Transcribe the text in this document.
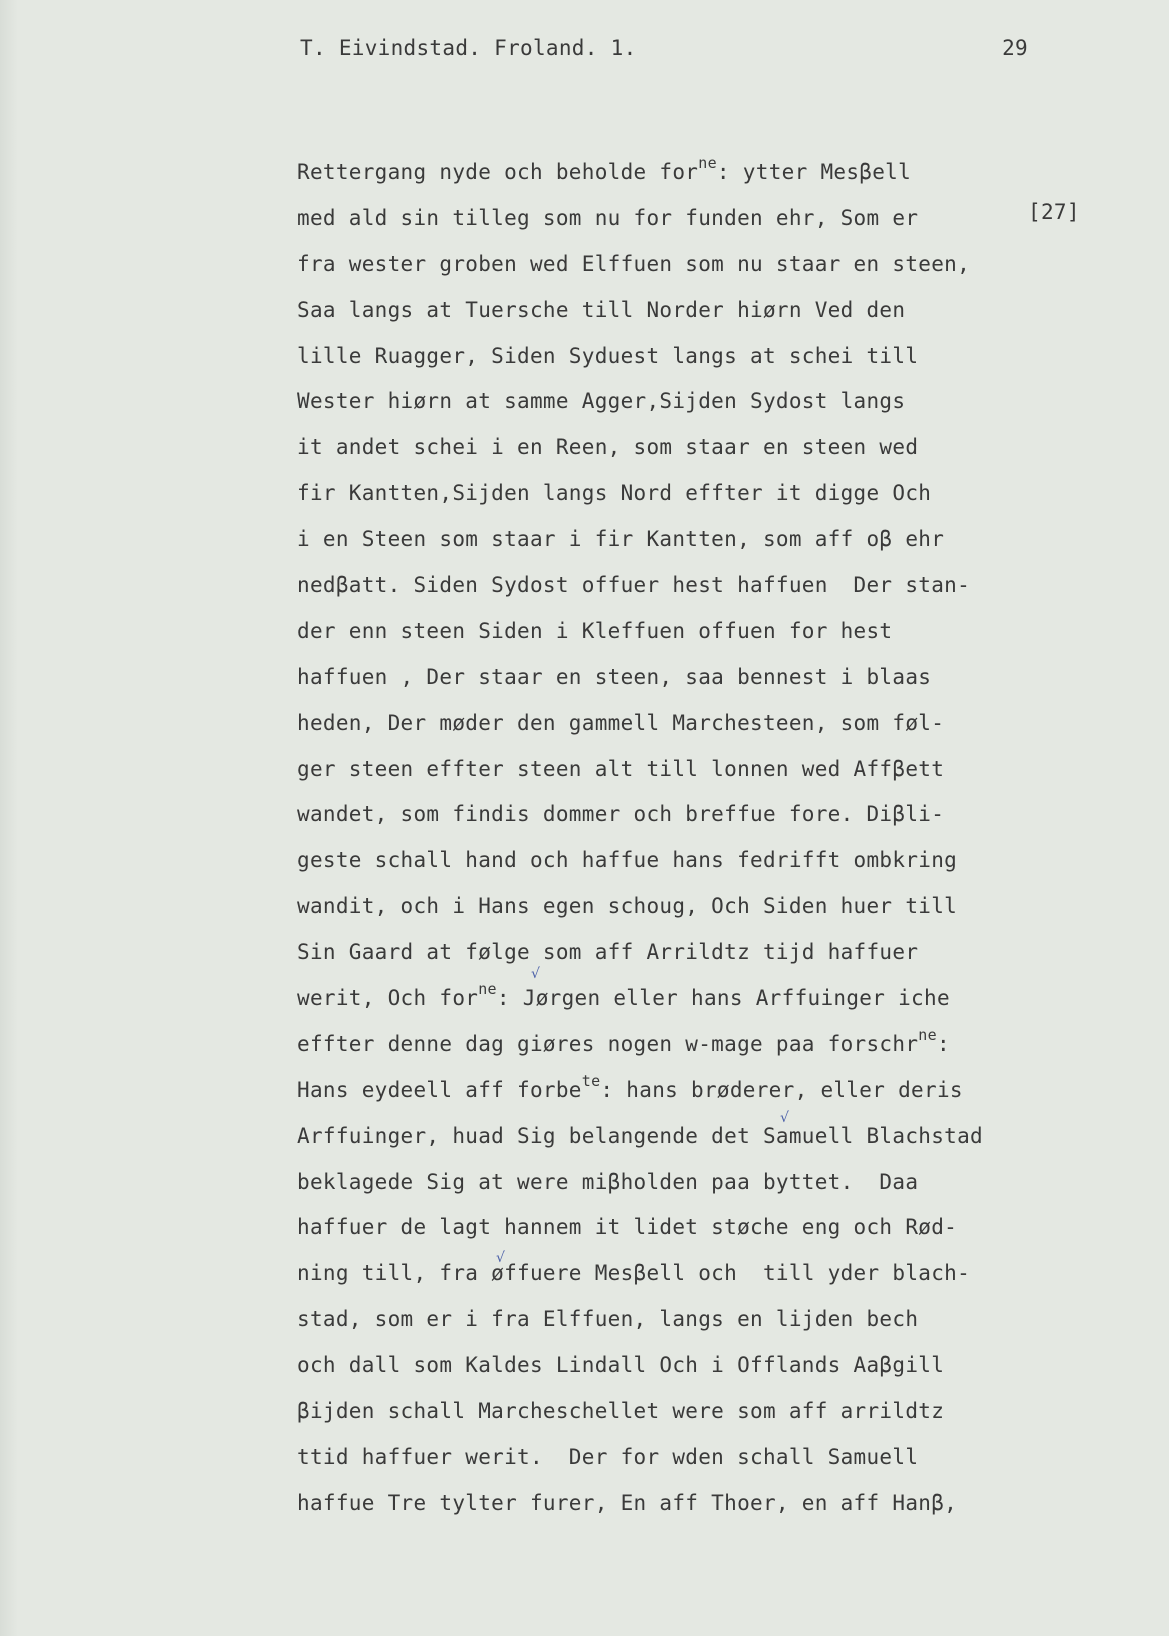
T. Eivindstad. Froland. 1.	29
[27]
Rettergang nyde och beholde for$^{ne}$: ytter Mesβell
med ald sin tilleg som nu for funden ehr, Som er
fra wester groben wed Elffuen som nu staar en steen,
Saa langs at Tuersche till Norder hiørn Ved den
lille Ruagger, Siden Syduest langs at schei till
Wester hiørn at samme Agger,Sijden Sydost langs
it andet schei i en Reen, som staar en steen wed
fir Kantten,Sijden langs Nord effter it digge Och
i en Steen som staar i fir Kantten, som aff oβ ehr
nedβatt. Siden Sydost offuer hest haffuen  Der stan-
der enn steen Siden i Kleffuen offuen for hest
haffuen , Der staar en steen, saa bennest i blaas
heden, Der møder den gammell Marchesteen, som føl-
ger steen effter steen alt till lonnen wed Affβett
wandet, som findis dommer och breffue fore. Diβli-
geste schall hand och haffue hans fedrifft ombkring
wandit, och i Hans egen schoug, Och Siden huer till
Sin Gaard at følge som aff Arrildtz tijd haffuer
werit, Och for$^{ne}$: Jørgen eller hans Arffuinger iche
effter denne dag giøres nogen w-mage paa forschr$^{ne}$:
Hans eydeell aff forbe$^{te}$: hans brøderer, eller deris
Arffuinger, huad Sig belangende det Samuell Blachstad
beklagede Sig at were miβholden paa byttet.  Daa
haffuer de lagt hannem it lidet støche eng och Rød-
ning till, fra øffuere Mesβell och  till yder blach-
stad, som er i fra Elffuen, langs en lijden bech
och dall som Kaldes Lindall Och i Offlands Aaβgill
βijden schall Marcheschellet were som aff arrildtz
ttid haffuer werit.  Der for wden schall Samuell
haffue Tre tylter furer, En aff Thoer, en aff Hanβ,
√
√
√
